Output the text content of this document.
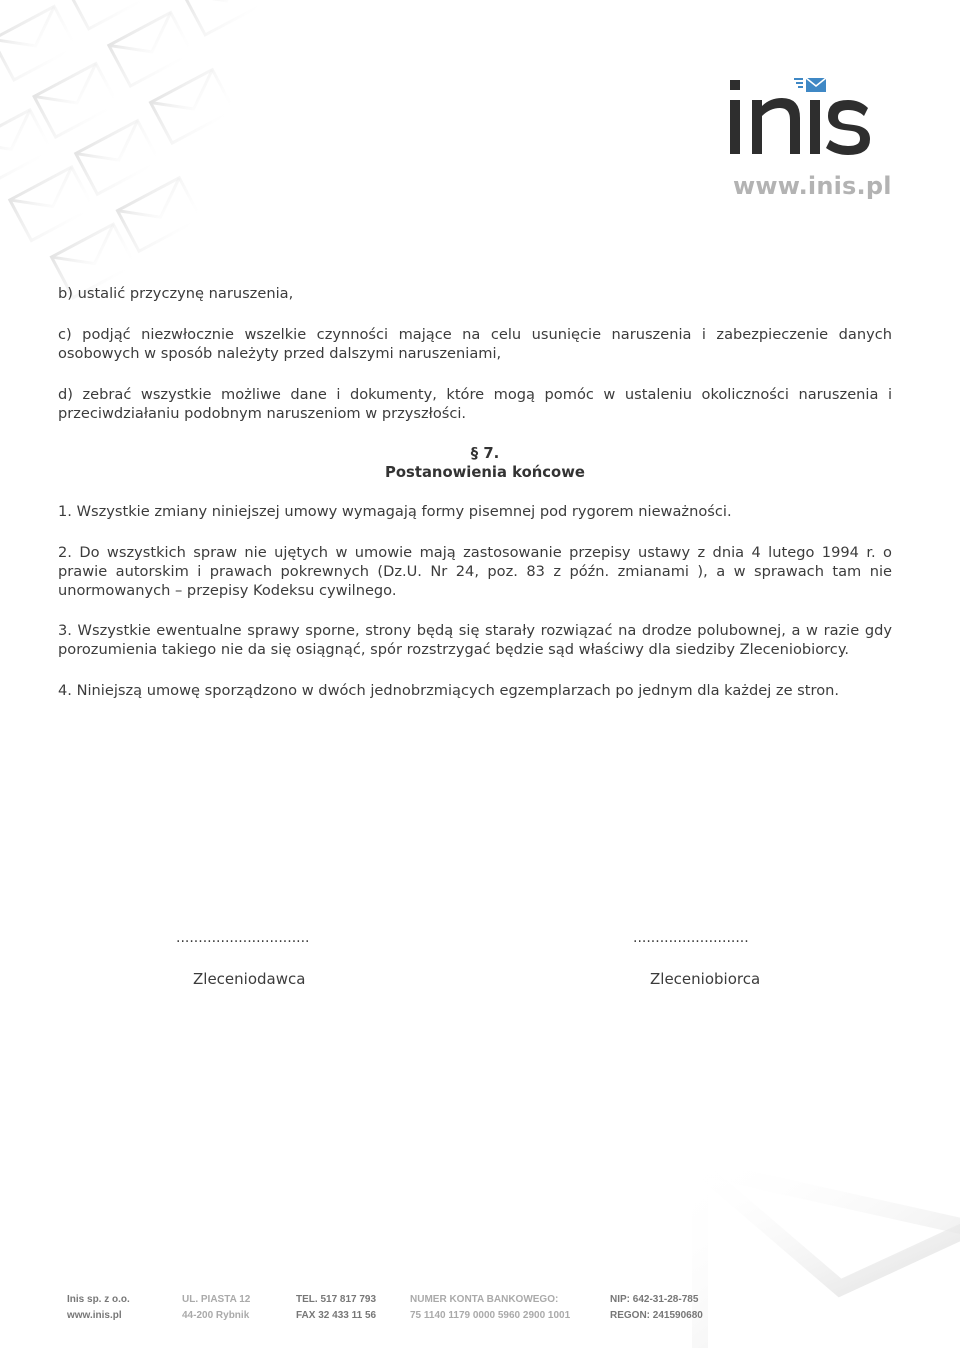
www.inis.pl
b) ustalić przyczynę naruszenia,
c) podjąć niezwłocznie wszelkie czynności mające na celu usunięcie naruszenia i zabezpieczenie danych osobowych w sposób należyty przed dalszymi naruszeniami,
d) zebrać wszystkie możliwe dane i dokumenty, które mogą pomóc w ustaleniu okoliczności naruszenia i przeciwdziałaniu podobnym naruszeniom w przyszłości.
§ 7.
Postanowienia końcowe
1. Wszystkie zmiany niniejszej umowy wymagają formy pisemnej pod rygorem nieważności.
2. Do wszystkich spraw nie ujętych w umowie mają zastosowanie przepisy ustawy z dnia 4 lutego 1994 r. o prawie autorskim i prawach pokrewnych (Dz.U. Nr 24, poz. 83 z późn. zmianami ), a w sprawach tam nie unormowanych – przepisy Kodeksu cywilnego.
3. Wszystkie ewentualne sprawy sporne, strony będą się starały rozwiązać na drodze polubownej, a w razie gdy porozumienia takiego nie da się osiągnąć, spór rozstrzygać będzie sąd właściwy dla siedziby Zleceniobiorcy.
4. Niniejszą umowę sporządzono w dwóch jednobrzmiących egzemplarzach po jednym dla każdej ze stron.
..............................
Zleceniodawca
..........................
Zleceniobiorca
Inis sp. z o.o.
www.inis.pl
UL. PIASTA 12
44-200 Rybnik
TEL. 517 817 793
FAX 32 433 11 56
NUMER KONTA BANKOWEGO:
75 1140 1179 0000 5960 2900 1001
NIP: 642-31-28-785
REGON: 241590680
